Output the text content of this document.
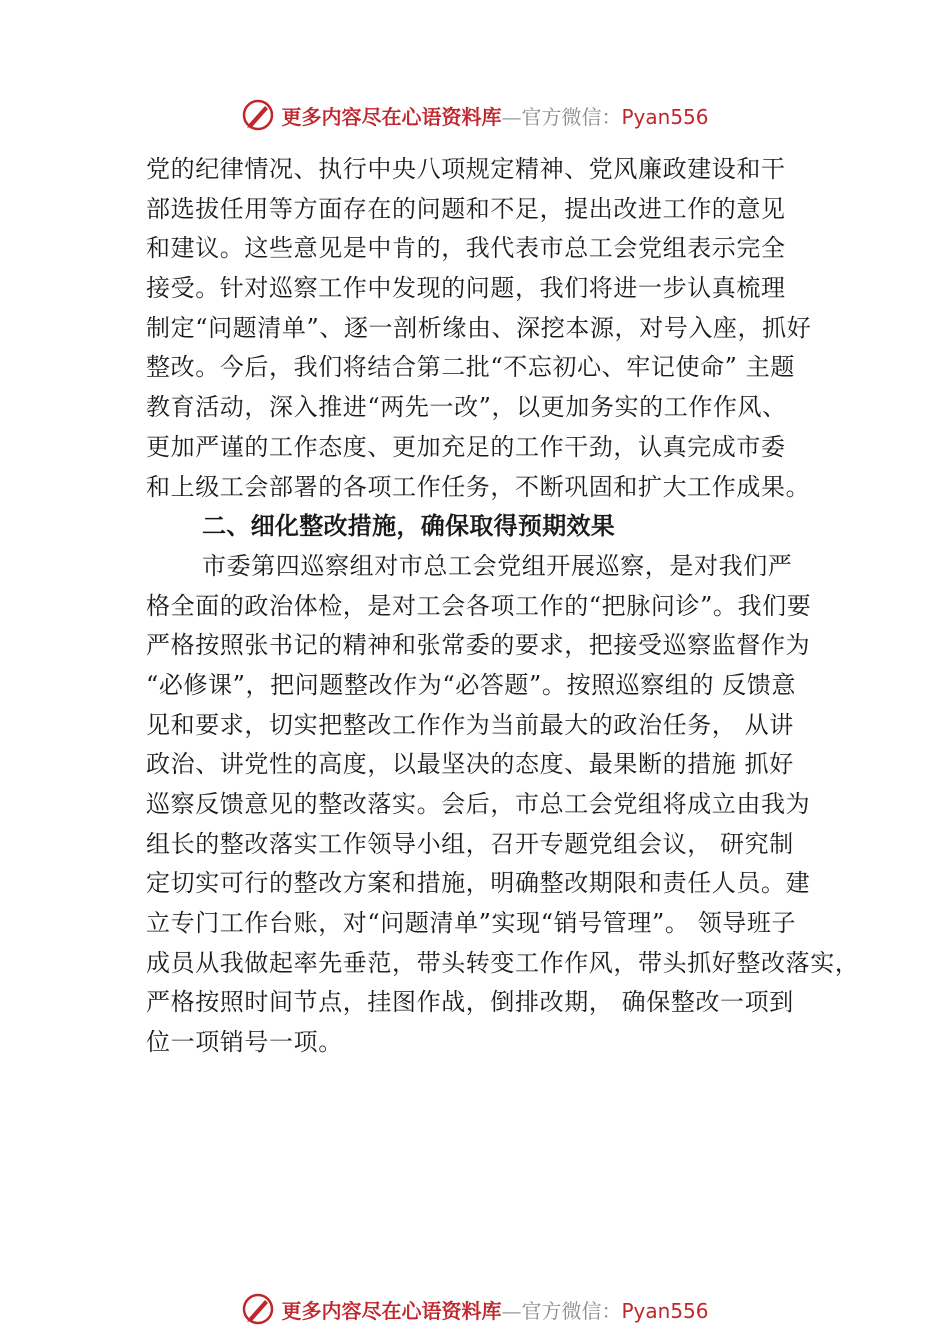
更多内容尽在心语资料库—官方微信：Pyan556
党的纪律情况、执行中央八项规定精神、党风廉政建设和干
部选拔任用等方面存在的问题和不足，提出改进工作的意见
和建议。这些意见是中肯的，我代表市总工会党组表示完全
接受。针对巡察工作中发现的问题，我们将进一步认真梳理
制定“问题清单”、逐一剖析缘由、深挖本源，对号入座，抓好
整改。今后，我们将结合第二批“不忘初心、牢记使命” 主题
教育活动，深入推进“两先一改”，以更加务实的工作作风、
更加严谨的工作态度、更加充足的工作干劲，认真完成市委
和上级工会部署的各项工作任务，不断巩固和扩大工作成果。
二、细化整改措施，确保取得预期效果
市委第四巡察组对市总工会党组开展巡察，是对我们严
格全面的政治体检，是对工会各项工作的“把脉问诊”。我们要
严格按照张书记的精神和张常委的要求，把接受巡察监督作为
“必修课”，把问题整改作为“必答题”。按照巡察组的 反馈意
见和要求，切实把整改工作作为当前最大的政治任务， 从讲
政治、讲党性的高度，以最坚决的态度、最果断的措施 抓好
巡察反馈意见的整改落实。会后，市总工会党组将成立由我为
组长的整改落实工作领导小组，召开专题党组会议， 研究制
定切实可行的整改方案和措施，明确整改期限和责任人员。建
立专门工作台账，对“问题清单”实现“销号管理”。 领导班子
成员从我做起率先垂范，带头转变工作作风，带头抓好整改落实，
严格按照时间节点，挂图作战，倒排改期， 确保整改一项到
位一项销号一项。
更多内容尽在心语资料库—官方微信：Pyan556
